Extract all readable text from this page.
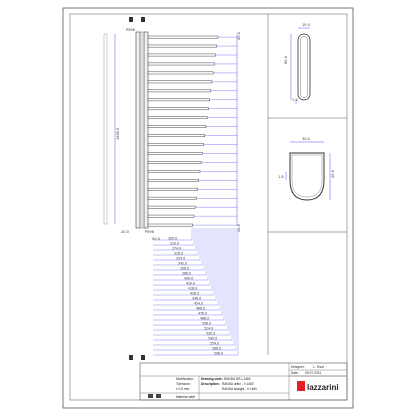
10.0
60.0
1.5
30.0
40.0
1.8
1460.0
P596
P596
20.0
50.0
40.0
20.0
300.0
310.0
274.0
316.0
324.0
342.0
356.0
366.0
400.0
410.0
418.0
426.0
436.0
454.0
466.0
476.0
486.0
506.0
524.0
530.0
540.0
554.0
566.0
596.0
Designer:	L. Tezzi
Date: 09-07-2011
Modification:
Tolerance:
± 0.5 mm
Drawing code: RANDA DR-I-1460
Description: RANDA dritto - h 1460
RANDA straight - h 1460
Material steel
lazzarini
